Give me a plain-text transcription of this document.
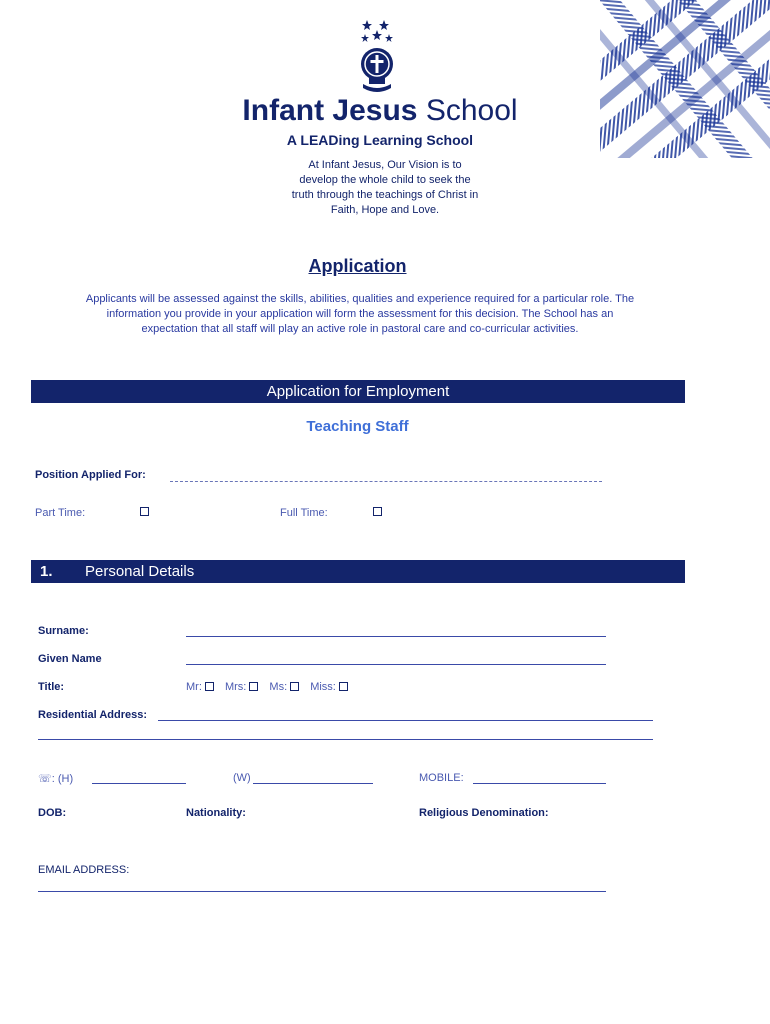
Infant Jesus School
A LEADing Learning School
At Infant Jesus, Our Vision is to
develop the whole child to seek the
truth through the teachings of Christ in
Faith, Hope and Love.
Application
Applicants will be assessed against the skills, abilities, qualities and experience required for a particular role. The
information you provide in your application will form the assessment for this decision. The School has an
expectation that all staff will play an active role in pastoral care and co-curricular activities.
Application for Employment
Teaching Staff
Position Applied For:
Part Time:	Full Time:
1. Personal Details
Surname:
Given Name
Title:	Mr: Mrs: Ms: Miss:
Residential Address:
☏: (H)	(W)	MOBILE:
DOB:	Nationality:	Religious Denomination:
EMAIL ADDRESS:
